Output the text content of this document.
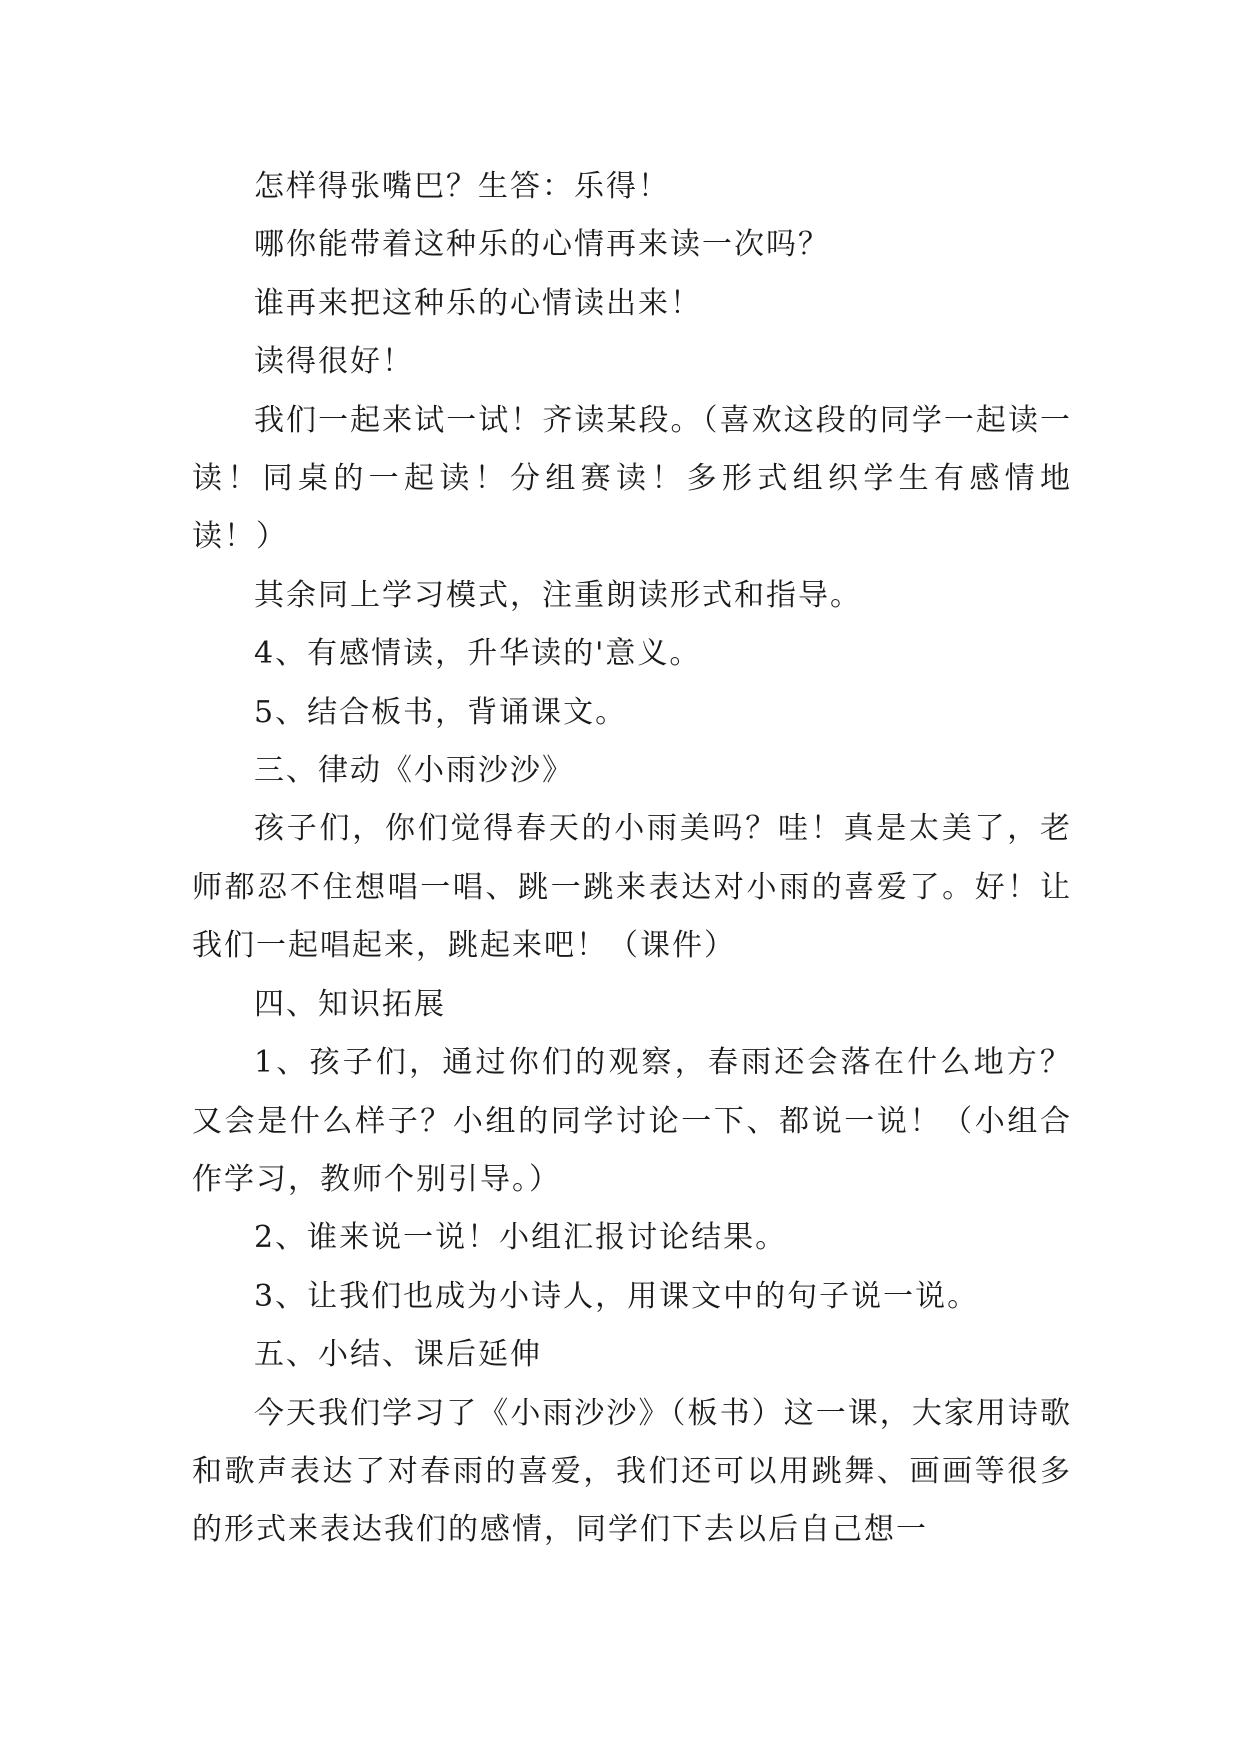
怎样得张嘴巴？生答：乐得！

哪你能带着这种乐的心情再来读一次吗？

谁再来把这种乐的心情读出来！

读得很好！

我们一起来试一试！齐读某段。（喜欢这段的同学一起读一读！同桌的一起读！分组赛读！多形式组织学生有感情地读！）

其余同上学习模式，注重朗读形式和指导。

4、有感情读，升华读的'意义。

5、结合板书，背诵课文。

三、律动《小雨沙沙》

孩子们，你们觉得春天的小雨美吗？哇！真是太美了，老师都忍不住想唱一唱、跳一跳来表达对小雨的喜爱了。好！让我们一起唱起来，跳起来吧！（课件）

四、知识拓展

1、孩子们，通过你们的观察，春雨还会落在什么地方？又会是什么样子？小组的同学讨论一下、都说一说！（小组合作学习，教师个别引导。）

2、谁来说一说！小组汇报讨论结果。

3、让我们也成为小诗人，用课文中的句子说一说。

五、小结、课后延伸

今天我们学习了《小雨沙沙》（板书）这一课，大家用诗歌和歌声表达了对春雨的喜爱，我们还可以用跳舞、画画等很多的形式来表达我们的感情，同学们下去以后自己想一
